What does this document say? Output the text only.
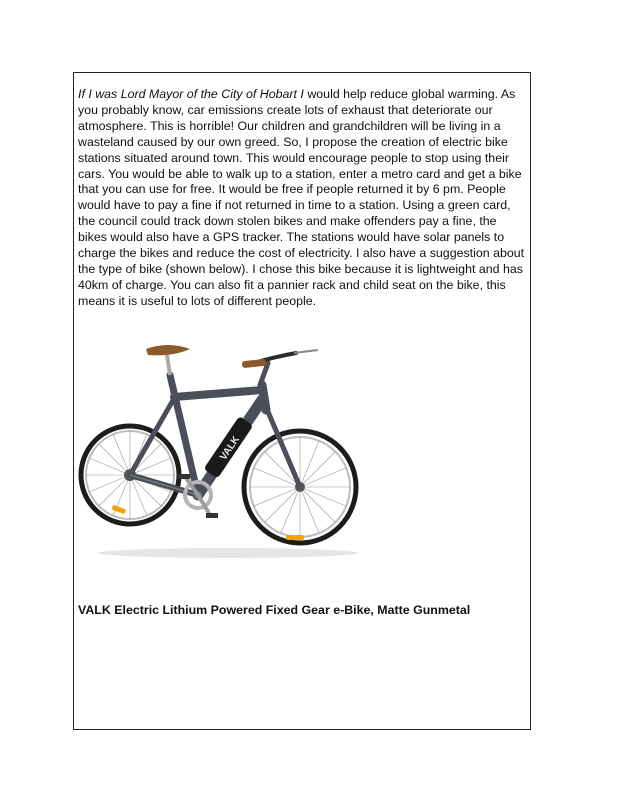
If I was Lord Mayor of the City of Hobart I would help reduce global warming. As you probably know, car emissions create lots of exhaust that deteriorate our atmosphere. This is horrible! Our children and grandchildren will be living in a wasteland caused by our own greed. So, I propose the creation of electric bike stations situated around town. This would encourage people to stop using their cars. You would be able to walk up to a station, enter a metro card and get a bike that you can use for free. It would be free if people returned it by 6 pm. People would have to pay a fine if not returned in time to a station. Using a green card, the council could track down stolen bikes and make offenders pay a fine, the bikes would also have a GPS tracker. The stations would have solar panels to charge the bikes and reduce the cost of electricity. I also have a suggestion about the type of bike (shown below). I chose this bike because it is lightweight and has 40km of charge. You can also fit a pannier rack and child seat on the bike, this means it is useful to lots of different people.

VALK

VALK Electric Lithium Powered Fixed Gear e-Bike, Matte Gunmetal
